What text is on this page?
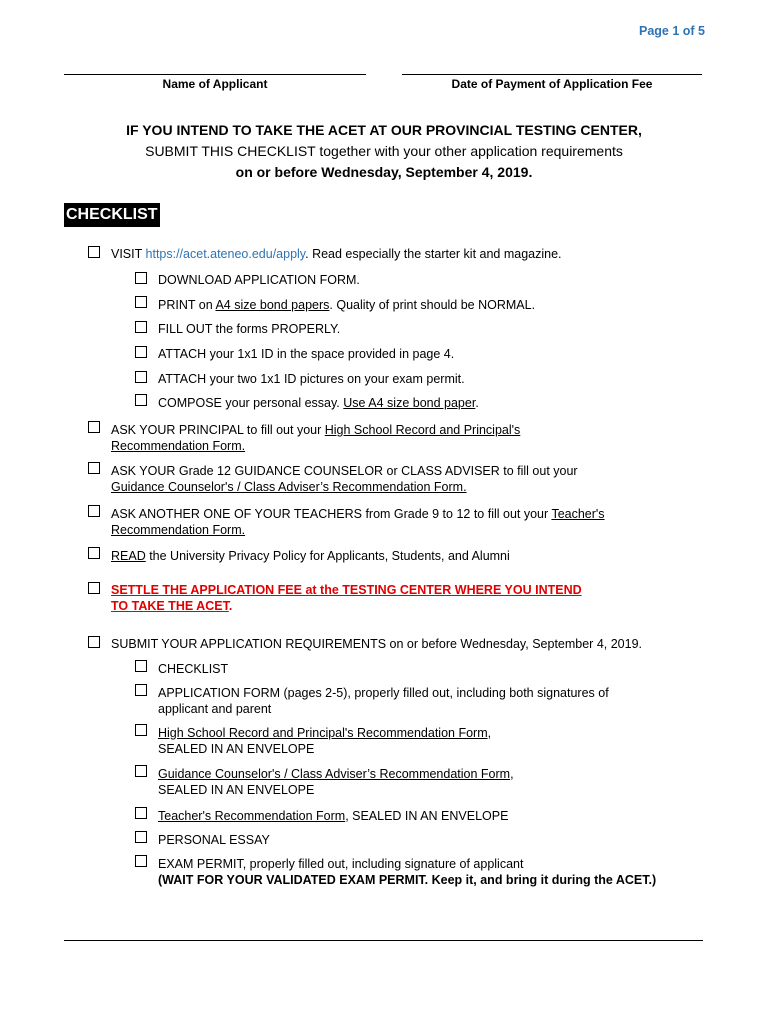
Page 1 of 5
Name of Applicant	Date of Payment of Application Fee
IF YOU INTEND TO TAKE THE ACET AT OUR PROVINCIAL TESTING CENTER,
SUBMIT THIS CHECKLIST together with your other application requirements
on or before Wednesday, September 4, 2019.
CHECKLIST
VISIT https://acet.ateneo.edu/apply. Read especially the starter kit and magazine.
DOWNLOAD APPLICATION FORM.
PRINT on A4 size bond papers. Quality of print should be NORMAL.
FILL OUT the forms PROPERLY.
ATTACH your 1x1 ID in the space provided in page 4.
ATTACH your two 1x1 ID pictures on your exam permit.
COMPOSE your personal essay. Use A4 size bond paper.
ASK YOUR PRINCIPAL to fill out your High School Record and Principal's
Recommendation Form.
ASK YOUR Grade 12 GUIDANCE COUNSELOR or CLASS ADVISER to fill out your
Guidance Counselor's / Class Adviser’s Recommendation Form.
ASK ANOTHER ONE OF YOUR TEACHERS from Grade 9 to 12 to fill out your Teacher's
Recommendation Form.
READ the University Privacy Policy for Applicants, Students, and Alumni
SETTLE THE APPLICATION FEE at the TESTING CENTER WHERE YOU INTEND
TO TAKE THE ACET.
SUBMIT YOUR APPLICATION REQUIREMENTS on or before Wednesday, September 4, 2019.
CHECKLIST
APPLICATION FORM (pages 2-5), properly filled out, including both signatures of
applicant and parent
High School Record and Principal's Recommendation Form,
SEALED IN AN ENVELOPE
Guidance Counselor's / Class Adviser’s Recommendation Form,
SEALED IN AN ENVELOPE
Teacher's Recommendation Form, SEALED IN AN ENVELOPE
PERSONAL ESSAY
EXAM PERMIT, properly filled out, including signature of applicant
(WAIT FOR YOUR VALIDATED EXAM PERMIT. Keep it, and bring it during the ACET.)
